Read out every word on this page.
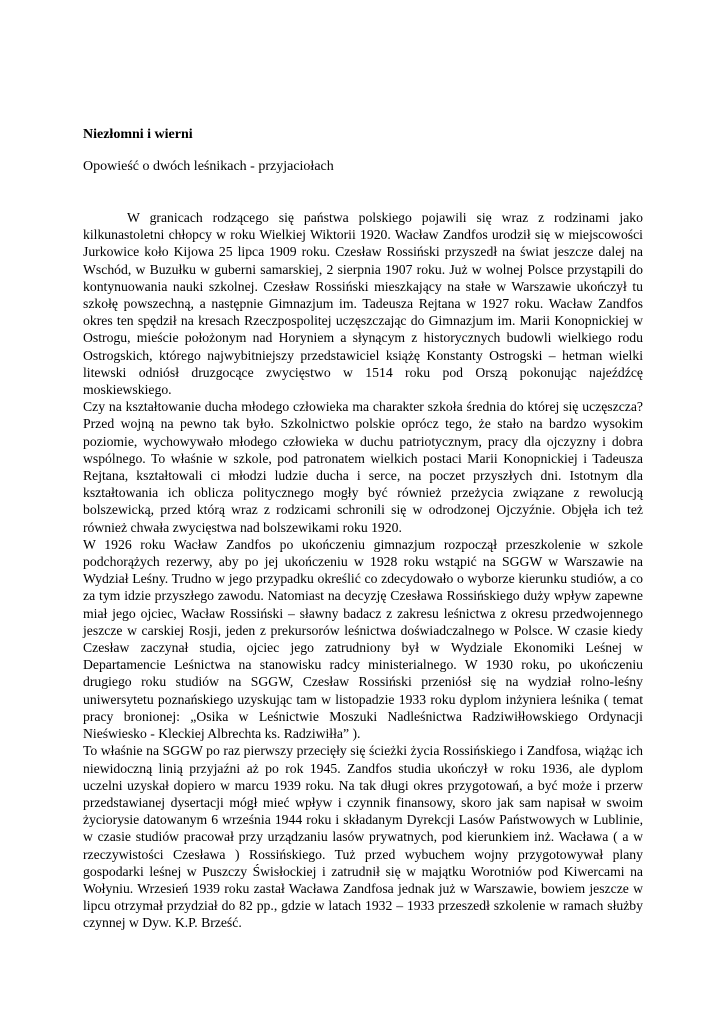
Niezłomni i wierni

Opowieść o dwóch leśnikach - przyjaciołach

W granicach rodzącego się państwa polskiego pojawili się wraz z rodzinami jako kilkunastoletni chłopcy w roku Wielkiej Wiktorii 1920. Wacław Zandfos urodził się w miejscowości Jurkowice koło Kijowa 25 lipca 1909 roku. Czesław Rossiński przyszedł na świat jeszcze dalej na Wschód, w Buzułku w guberni samarskiej, 2 sierpnia 1907 roku. Już w wolnej Polsce przystąpili do kontynuowania nauki szkolnej. Czesław Rossiński mieszkający na stałe w Warszawie ukończył tu szkołę powszechną, a następnie Gimnazjum im. Tadeusza Rejtana w 1927 roku. Wacław Zandfos okres ten spędził na kresach Rzeczpospolitej uczęszczając do Gimnazjum im. Marii Konopnickiej w Ostrogu, mieście położonym nad Horyniem a słynącym z historycznych budowli wielkiego rodu Ostrogskich, którego najwybitniejszy przedstawiciel książę Konstanty Ostrogski – hetman wielki litewski odniósł druzgocące zwycięstwo w 1514 roku pod Orszą pokonując najeźdźcę moskiewskiego.

Czy na kształtowanie ducha młodego człowieka ma charakter szkoła średnia do której się uczęszcza? Przed wojną na pewno tak było. Szkolnictwo polskie oprócz tego, że stało na bardzo wysokim poziomie, wychowywało młodego człowieka w duchu patriotycznym, pracy dla ojczyzny i dobra wspólnego. To właśnie w szkole, pod patronatem wielkich postaci Marii Konopnickiej i Tadeusza Rejtana, kształtowali ci młodzi ludzie ducha i serce, na poczet przyszłych dni. Istotnym dla kształtowania ich oblicza politycznego mogły być również przeżycia związane z rewolucją bolszewicką, przed którą wraz z rodzicami schronili się w odrodzonej Ojczyźnie. Objęła ich też również chwała zwycięstwa nad bolszewikami roku 1920.

W 1926 roku Wacław Zandfos po ukończeniu gimnazjum rozpoczął przeszkolenie w szkole podchorążych rezerwy, aby po jej ukończeniu w 1928 roku wstąpić na SGGW w Warszawie na Wydział Leśny. Trudno w jego przypadku określić co zdecydowało o wyborze kierunku studiów, a co za tym idzie przyszłego zawodu. Natomiast na decyzję Czesława Rossińskiego duży wpływ zapewne miał jego ojciec, Wacław Rossiński – sławny badacz z zakresu leśnictwa z okresu przedwojennego jeszcze w carskiej Rosji, jeden z prekursorów leśnictwa doświadczalnego w Polsce. W czasie kiedy Czesław zaczynał studia, ojciec jego zatrudniony był w Wydziale Ekonomiki Leśnej w Departamencie Leśnictwa na stanowisku radcy ministerialnego. W 1930 roku, po ukończeniu drugiego roku studiów na SGGW, Czesław Rossiński przeniósł się na wydział rolno-leśny uniwersytetu poznańskiego uzyskując tam w listopadzie 1933 roku dyplom inżyniera leśnika ( temat pracy bronionej: „Osika w Leśnictwie Moszuki Nadleśnictwa Radziwiłłowskiego Ordynacji Nieświesko - Kleckiej Albrechta ks. Radziwiłła” ).

To właśnie na SGGW po raz pierwszy przecięły się ścieżki życia Rossińskiego i Zandfosa, wiążąc ich niewidoczną linią przyjaźni aż po rok 1945. Zandfos studia ukończył w roku 1936, ale dyplom uczelni uzyskał dopiero w marcu 1939 roku. Na tak długi okres przygotowań, a być może i przerw przedstawianej dysertacji mógł mieć wpływ i czynnik finansowy, skoro jak sam napisał w swoim życiorysie datowanym 6 września 1944 roku i składanym Dyrekcji Lasów Państwowych w Lublinie, w czasie studiów pracował przy urządzaniu lasów prywatnych, pod kierunkiem inż. Wacława ( a w rzeczywistości Czesława ) Rossińskiego. Tuż przed wybuchem wojny przygotowywał plany gospodarki leśnej w Puszczy Świsłockiej i zatrudnił się w majątku Worotniów pod Kiwercami na Wołyniu. Wrzesień 1939 roku zastał Wacława Zandfosa jednak już w Warszawie, bowiem jeszcze w lipcu otrzymał przydział do 82 pp., gdzie w latach 1932 – 1933 przeszedł szkolenie w ramach służby czynnej w Dyw. K.P. Brześć.
